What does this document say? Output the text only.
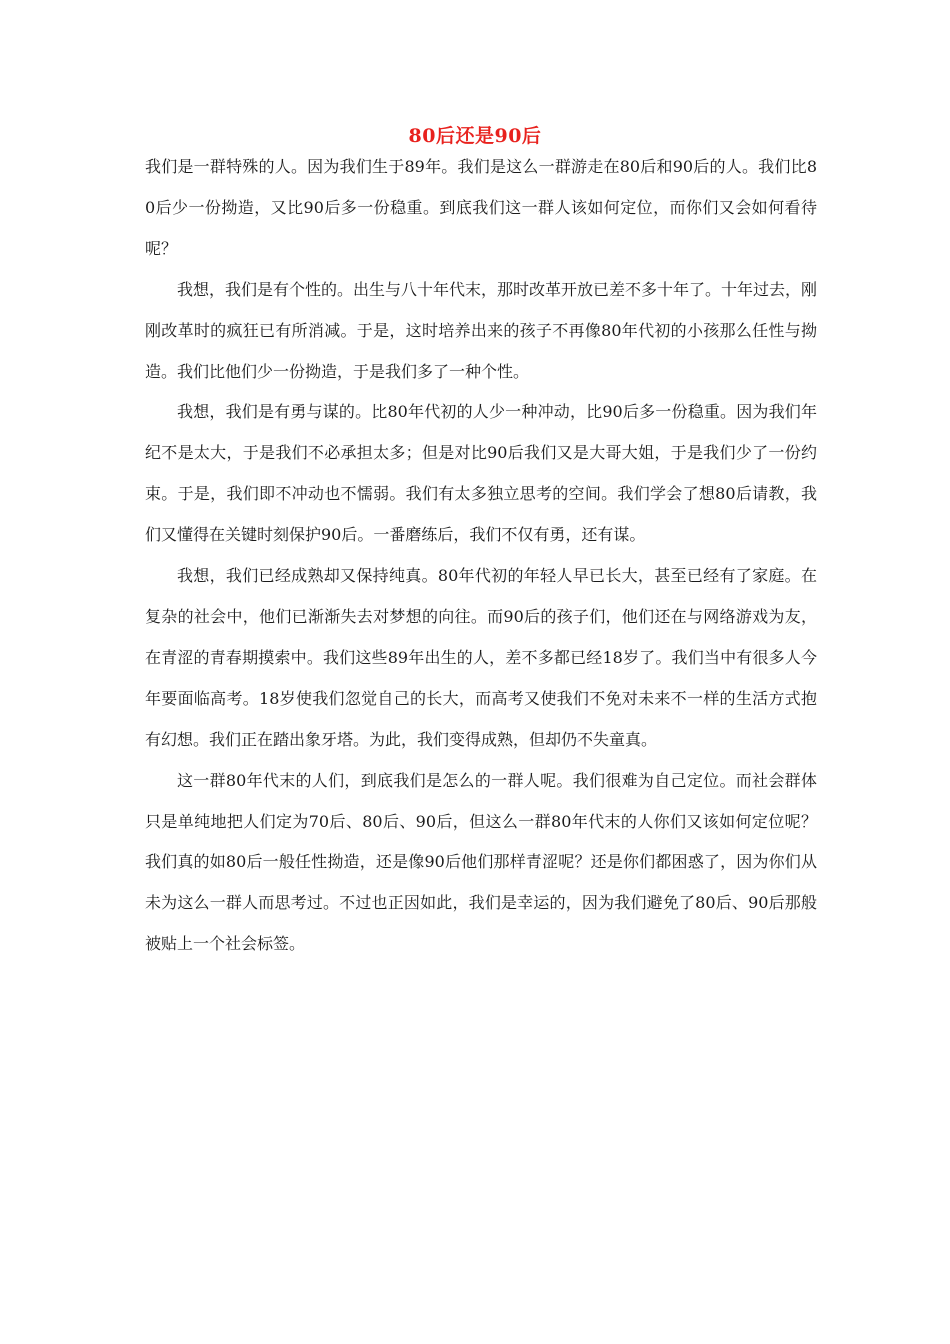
80后还是90后

我们是一群特殊的人。因为我们生于89年。我们是这么一群游走在80后和90后的人。我们比80后少一份拗造，又比90后多一份稳重。到底我们这一群人该如何定位，而你们又会如何看待呢？

我想，我们是有个性的。出生与八十年代末，那时改革开放已差不多十年了。十年过去，刚刚改革时的疯狂已有所消减。于是，这时培养出来的孩子不再像80年代初的小孩那么任性与拗造。我们比他们少一份拗造，于是我们多了一种个性。

我想，我们是有勇与谋的。比80年代初的人少一种冲动，比90后多一份稳重。因为我们年纪不是太大，于是我们不必承担太多；但是对比90后我们又是大哥大姐，于是我们少了一份约束。于是，我们即不冲动也不懦弱。我们有太多独立思考的空间。我们学会了想80后请教，我们又懂得在关键时刻保护90后。一番磨练后，我们不仅有勇，还有谋。

我想，我们已经成熟却又保持纯真。80年代初的年轻人早已长大，甚至已经有了家庭。在复杂的社会中，他们已渐渐失去对梦想的向往。而90后的孩子们，他们还在与网络游戏为友，在青涩的青春期摸索中。我们这些89年出生的人，差不多都已经18岁了。我们当中有很多人今年要面临高考。18岁使我们忽觉自己的长大，而高考又使我们不免对未来不一样的生活方式抱有幻想。我们正在踏出象牙塔。为此，我们变得成熟，但却仍不失童真。

这一群80年代末的人们，到底我们是怎么的一群人呢。我们很难为自己定位。而社会群体只是单纯地把人们定为70后、80后、90后，但这么一群80年代末的人你们又该如何定位呢？我们真的如80后一般任性拗造，还是像90后他们那样青涩呢？还是你们都困惑了，因为你们从未为这么一群人而思考过。不过也正因如此，我们是幸运的，因为我们避免了80后、90后那般被贴上一个社会标签。
